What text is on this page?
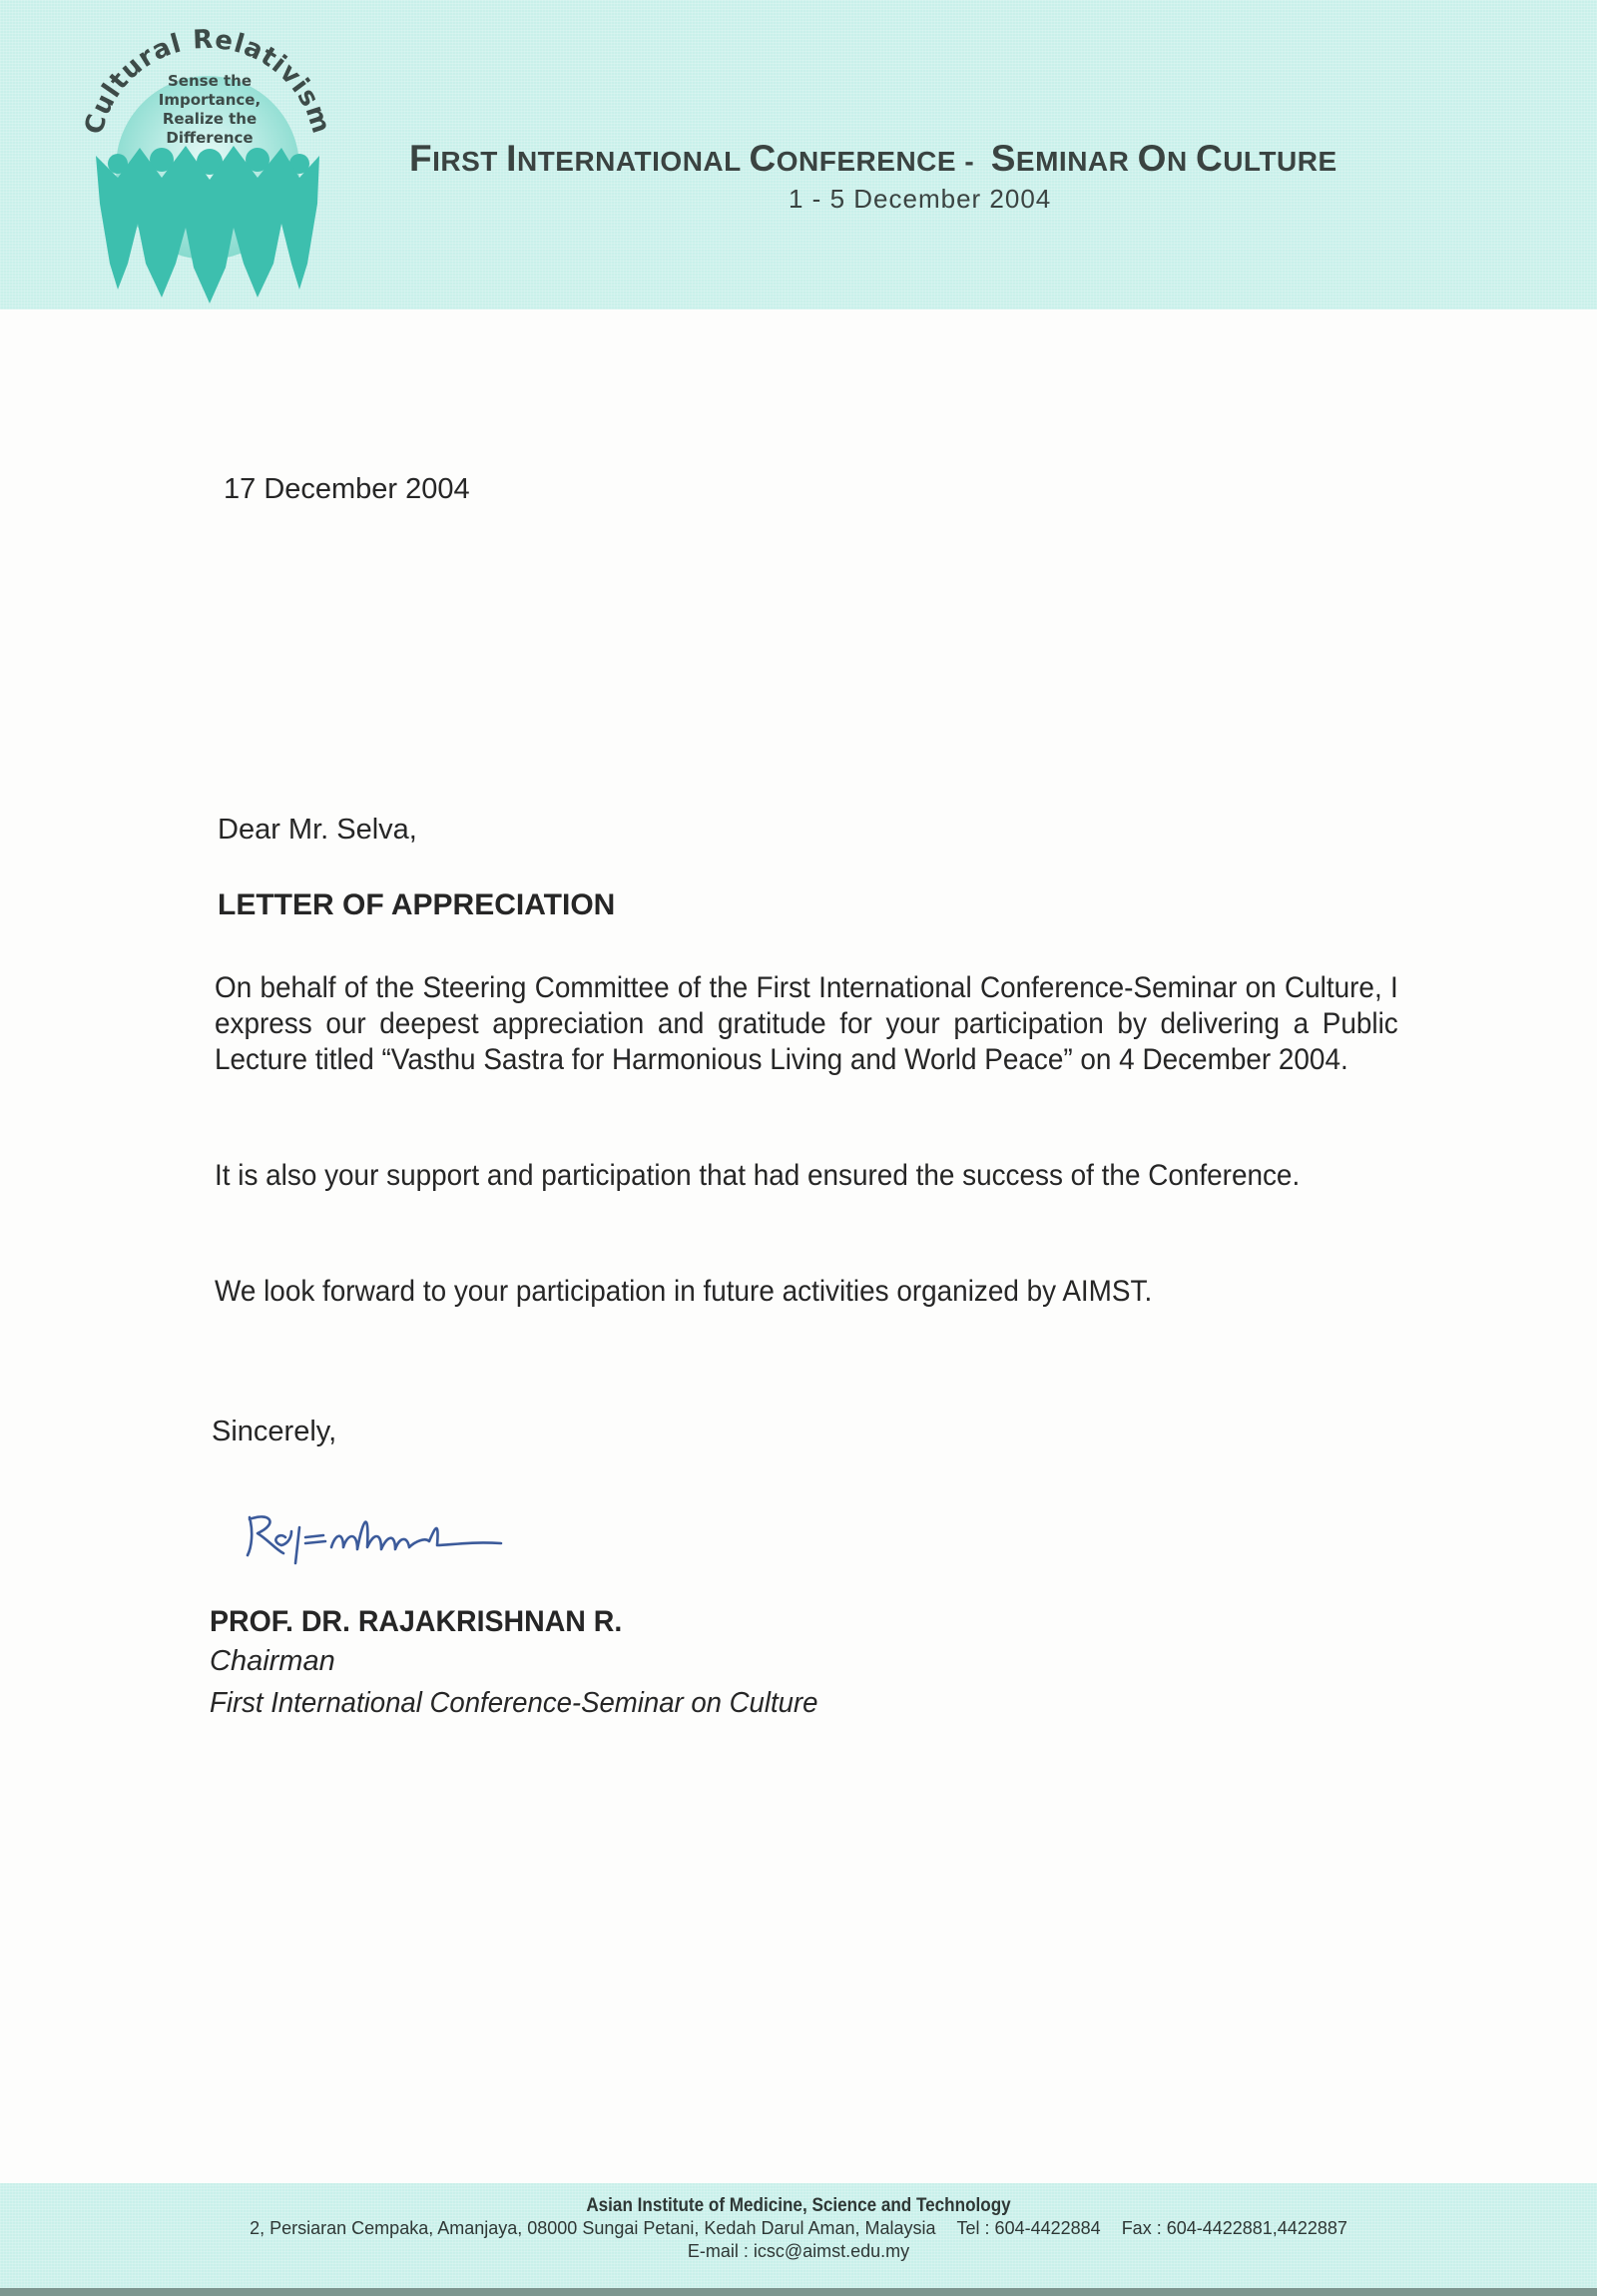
Cultural Relativism
Sense the
Importance,
Realize the
Difference	FIRST INTERNATIONAL CONFERENCE - SEMINAR ON CULTURE
1 - 5 December 2004
17 December 2004
Dear Mr. Selva,
LETTER OF APPRECIATION
On behalf of the Steering Committee of the First International Conference-Seminar on Culture, I express our deepest appreciation and gratitude for your participation by delivering a Public Lecture titled “Vasthu Sastra for Harmonious Living and World Peace” on 4 December 2004.
It is also your support and participation that had ensured the success of the Conference.
We look forward to your participation in future activities organized by AIMST.
Sincerely,
PROF. DR. RAJAKRISHNAN R.
Chairman
First International Conference-Seminar on Culture
Asian Institute of Medicine, Science and Technology
2, Persiaran Cempaka, Amanjaya, 08000 Sungai Petani, Kedah Darul Aman, Malaysia Tel : 604-4422884 Fax : 604-4422881,4422887
E-mail : icsc@aimst.edu.my
